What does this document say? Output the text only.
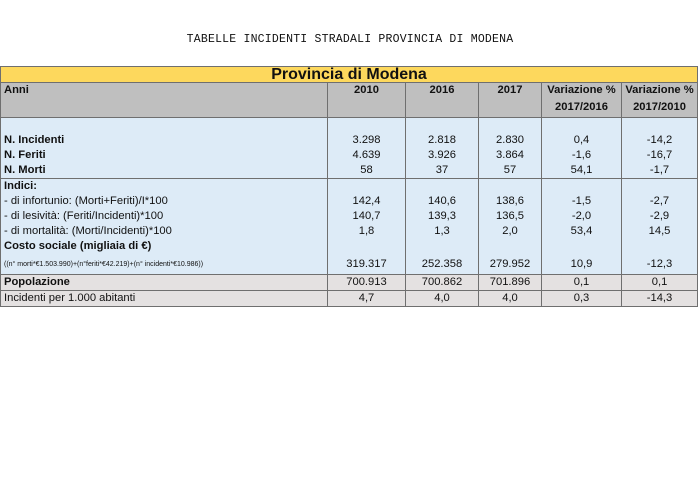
TABELLE INCIDENTI STRADALI PROVINCIA DI MODENA
Provincia di Modena					
Anni	2010	2016	2017	Variazione %	Variazione %
				2017/2016	2017/2010

N. Incidenti	3.298	2.818	2.830	0,4	-14,2
N. Feriti	4.639	3.926	3.864	-1,6	-16,7
N. Morti	58	37	57	54,1	-1,7
Indici:					
- di infortunio: (Morti+Feriti)/I*100	142,4	140,6	138,6	-1,5	-2,7
- di lesività: (Feriti/Incidenti)*100	140,7	139,3	136,5	-2,0	-2,9
- di mortalità: (Morti/Incidenti)*100	1,8	1,3	2,0	53,4	14,5
Costo sociale (migliaia di €)					
((n° morti*€1.503.990)+(n°feriti*€42.219)+(n° incidenti*€10.986))	319.317	252.358	279.952	10,9	-12,3
Popolazione	700.913	700.862	701.896	0,1	0,1
Incidenti per 1.000 abitanti	4,7	4,0	4,0	0,3	-14,3
